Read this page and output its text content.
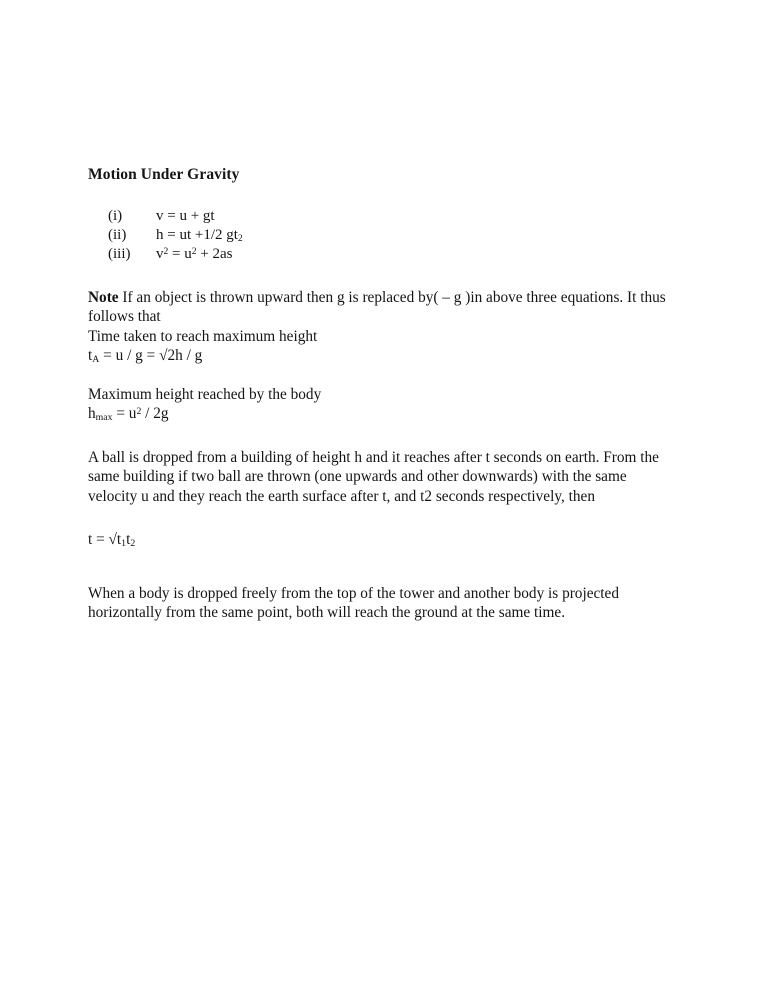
Motion Under Gravity
(i)	v = u + gt
(ii)	h = ut +1/2 $gt_2$
(iii)	$v^2 = u^2 + 2as$

Note If an object is thrown upward then g is replaced by( – g )in above three equations. It thus follows that

Time taken to reach maximum height

$t_A = u / g = √2h / g$

Maximum height reached by the body

$h_{max} = u^2 / 2g$

A ball is dropped from a building of height h and it reaches after t seconds on earth. From the same building if two ball are thrown (one upwards and other downwards) with the same velocity u and they reach the earth surface after t, and t2 seconds respectively, then

$t = √t_1t_2$

When a body is dropped freely from the top of the tower and another body is projected horizontally from the same point, both will reach the ground at the same time.
